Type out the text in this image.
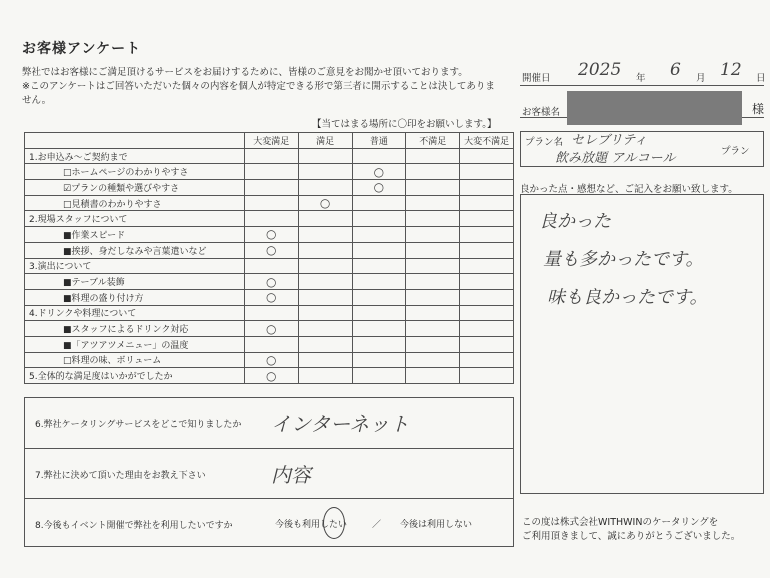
お客様アンケート
弊社ではお客様にご満足頂けるサービスをお届けするために、皆様のご意見をお聞かせ頂いております。
※このアンケートはご回答いただいた個々の内容を個人が特定できる形で第三者に開示することは決してありま
せん。
【当てはまる場所に〇印をお願いします。】
	大変満足	満足	普通	不満足	大変不満足
1.お申込み～ご契約まで					
□ホームページのわかりやすさ			○		
☑プランの種類や選びやすさ			○		
□見積書のわかりやすさ		○			
2.現場スタッフについて					
■作業スピード	○				
■挨拶、身だしなみや言葉遣いなど	○				
3.演出について					
■テーブル装飾	○				
■料理の盛り付け方	○				
4.ドリンクや料理について					
■スタッフによるドリンク対応	○				
■「アツアツメニュー」の温度					
□料理の味、ボリューム	○				
5.全体的な満足度はいかがでしたか	○				
6.弊社ケータリングサービスをどこで知りましたか インターネット
7.弊社に決めて頂いた理由をお教え下さい	内容
8.今後もイベント開催で弊社を利用したいですか	今後も利用したい	／ 今後は利用しない
開催日 2025 年 6 月 12 日
お客様名	様
プラン名 セレブリティ
飲み放題 アルコール	プラン
良かった点・感想など、ご記入をお願い致します。
良かった
量も多かったです。
味も良かったです。
この度は株式会社WITHWINのケータリングを
ご利用頂きまして、誠にありがとうございました。
